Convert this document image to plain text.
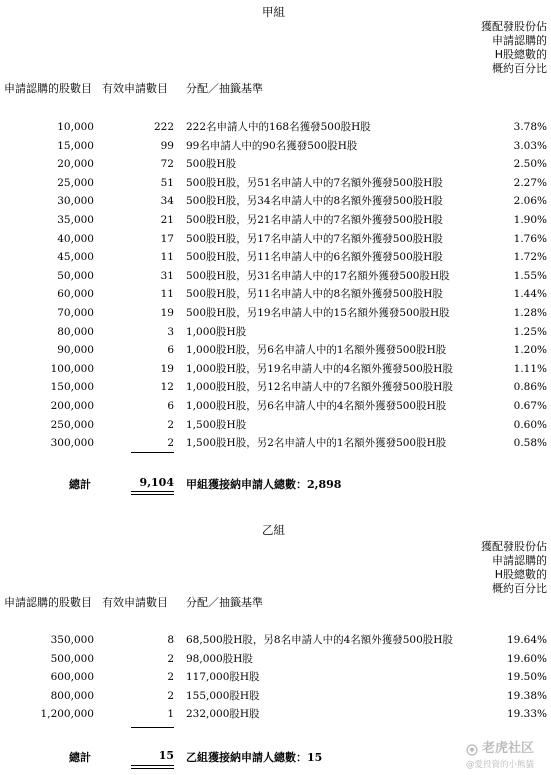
甲組
獲配發股份佔
申請認購的
H股總數的
概約百分比
申請認購的股數目 有效申請數目 分配／抽籤基準
10,000	222 222名申請人中的168名獲發500股H股	3.78%
15,000	99 99名申請人中的90名獲發500股H股	3.03%
20,000	72 500股H股	2.50%
25,000	51 500股H股，另51名申請人中的7名額外獲發500股H股	2.27%
30,000	34 500股H股，另34名申請人中的8名額外獲發500股H股	2.06%
35,000	21 500股H股，另21名申請人中的7名額外獲發500股H股	1.90%
40,000	17 500股H股，另17名申請人中的7名額外獲發500股H股	1.76%
45,000	11 500股H股，另11名申請人中的6名額外獲發500股H股	1.72%
50,000	31 500股H股，另31名申請人中的17名額外獲發500股H股	1.55%
60,000	11 500股H股，另11名申請人中的8名額外獲發500股H股	1.44%
70,000	19 500股H股，另19名申請人中的15名額外獲發500股H股	1.28%
80,000	3 1,000股H股	1.25%
90,000	6 1,000股H股，另6名申請人中的1名額外獲發500股H股	1.20%
100,000	19 1,000股H股，另19名申請人中的4名額外獲發500股H股	1.11%
150,000	12 1,000股H股，另12名申請人中的7名額外獲發500股H股	0.86%
200,000	6 1,000股H股，另6名申請人中的4名額外獲發500股H股	0.67%
250,000	2 1,500股H股	0.60%
300,000	2 1,500股H股，另2名申請人中的1名額外獲發500股H股	0.58%
總計	9,104 甲組獲接納申請人總數：2,898
乙組
獲配發股份佔
申請認購的
H股總數的
概約百分比
申請認購的股數目 有效申請數目 分配／抽籤基準
350,000	8 68,500股H股，另8名申請人中的4名額外獲發500股H股	19.64%
500,000	2 98,000股H股	19.60%
600,000	2 117,000股H股	19.50%
800,000	2 155,000股H股	19.38%
1,200,000	1 232,000股H股	19.33%
總計	15 乙組獲接納申請人總數：15
老虎社区
@愛投資的小熊貓
